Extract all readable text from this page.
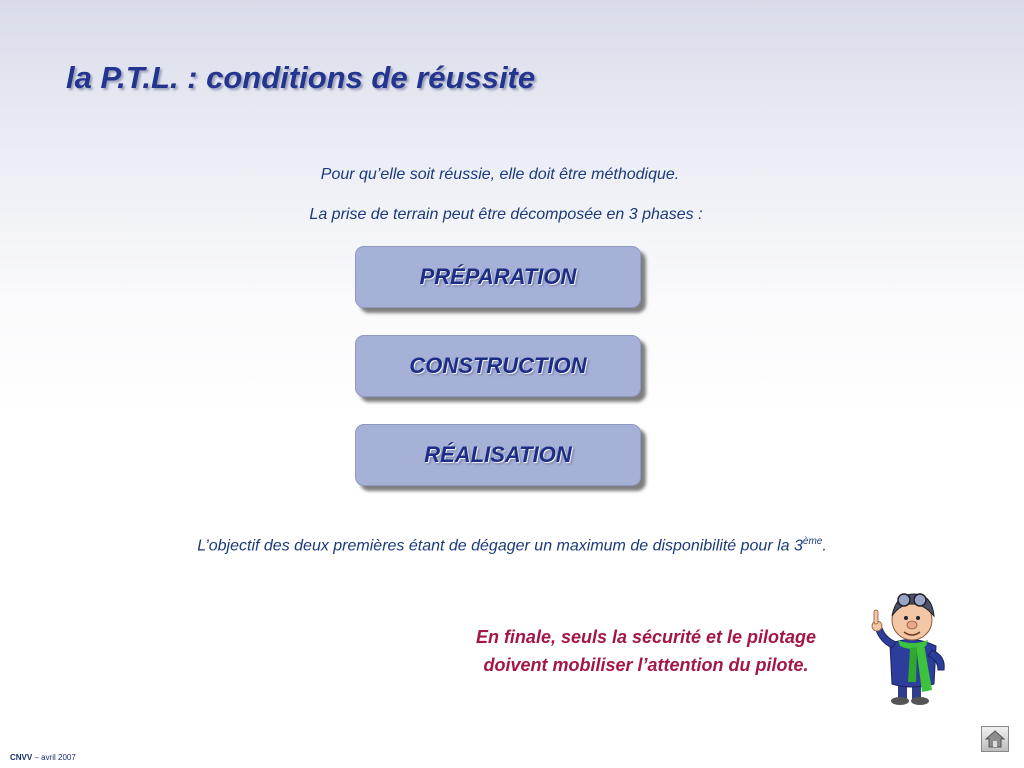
la P.T.L. : conditions de réussite

Pour qu’elle soit réussie, elle doit être méthodique.

La prise de terrain peut être décomposée en 3 phases :

PRÉPARATION
CONSTRUCTION
RÉALISATION

L’objectif des deux premières étant de dégager un maximum de disponibilité pour la 3ème.

En finale, seuls la sécurité et le pilotage
doivent mobiliser l’attention du pilote.

CNVV – avril 2007
